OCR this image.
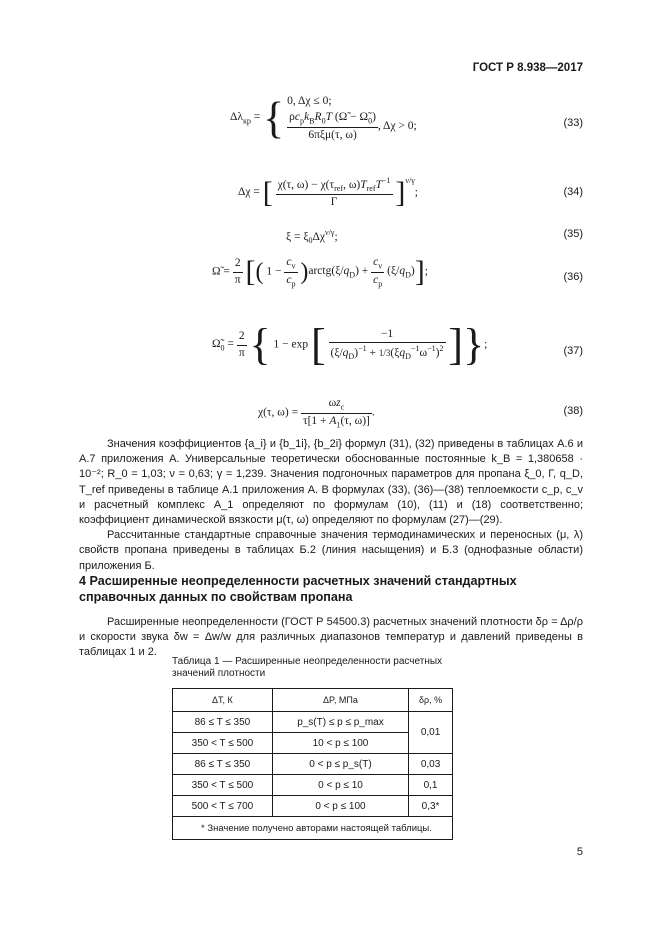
ГОСТ Р 8.938—2017
$\Delta\lambda_{кр}$ = { 0, Δχ ≤ 0;
$\frac{\rho c_pk_BR_0T (\Omegã - \Omegã_0)}{\text{6πξμ(τ, ω)}}$ , Δχ > 0;	(33)
Δχ = [ $\frac{\chi(\tau, \omega) - \chi(\tau_{ref}, \omega)T_{ref}T^{-1}}{\Gamma} ]^{\nu/\gamma}$;	(34)
$\xi = \xi_0\Delta\chi^{\nu/\gamma}$;	(35)
Ω̃ = $\frac{2}{\pi}$ [( $1 - \frac{c_v}{c_p}$ )$arctg(\xi/q_D) + \frac{c_v}{c_p} (\xi/q_D)$];	(36)
$\Omegã_0 = \frac{2}{\pi}$ { 1 − exp [ $\frac{-1}{(\xi/q_D)^{-1} + 1/3(\xi q_D^{-1}\omega^{-1})^2}$ ]};
(37)
χ(τ, $\omega) = \frac{\omega z_c}{\tau[1 + A_1(\tau, \omega)]}$ .	(38)

Значения коэффициентов {a_i} и {b_1i}, {b_2i} формул (31), (32) приведены в таблицах А.6 и А.7 приложения А. Универсальные теоретически обоснованные постоянные k_B = 1,380658 · 10⁻²; R_0 = 1,03; ν = 0,63; γ = 1,239. Значения подгоночных параметров для пропана ξ_0, Γ, q_D, T_ref приведены в таблице А.1 приложения А. В формулах (33), (36)—(38) теплоемкости c_p, c_v и расчетный комплекс A_1 определяют по формулам (10), (11) и (18) соответственно; коэффициент динамической вязкости μ(τ, ω) определяют по формулам (27)—(29).

Рассчитанные стандартные справочные значения термодинамических и переносных (μ, λ) свойств пропана приведены в таблицах Б.2 (линия насыщения) и Б.3 (однофазные области) приложения Б.

4 Расширенные неопределенности расчетных значений стандартных справочных данных по свойствам пропана

Расширенные неопределенности (ГОСТ Р 54500.3) расчетных значений плотности δρ = Δρ/ρ и скорости звука δw = Δw/w для различных диапазонов температур и давлений приведены в таблицах 1 и 2.

Таблица 1 — Расширенные неопределенности расчетных значений плотности
ΔT, К	ΔP, МПа	δρ, %
86 ≤ T ≤ 350	p_s(T) ≤ p ≤ p_max	0,01
350 < T ≤ 500	10 < p ≤ 100	
86 ≤ T ≤ 350	0 < p ≤ p_s(T)	0,03
350 < T ≤ 500	0 < p ≤ 10	0,1
500 < T ≤ 700	0 < p ≤ 100	0,3*
* Значение получено авторами настоящей таблицы.		
5
